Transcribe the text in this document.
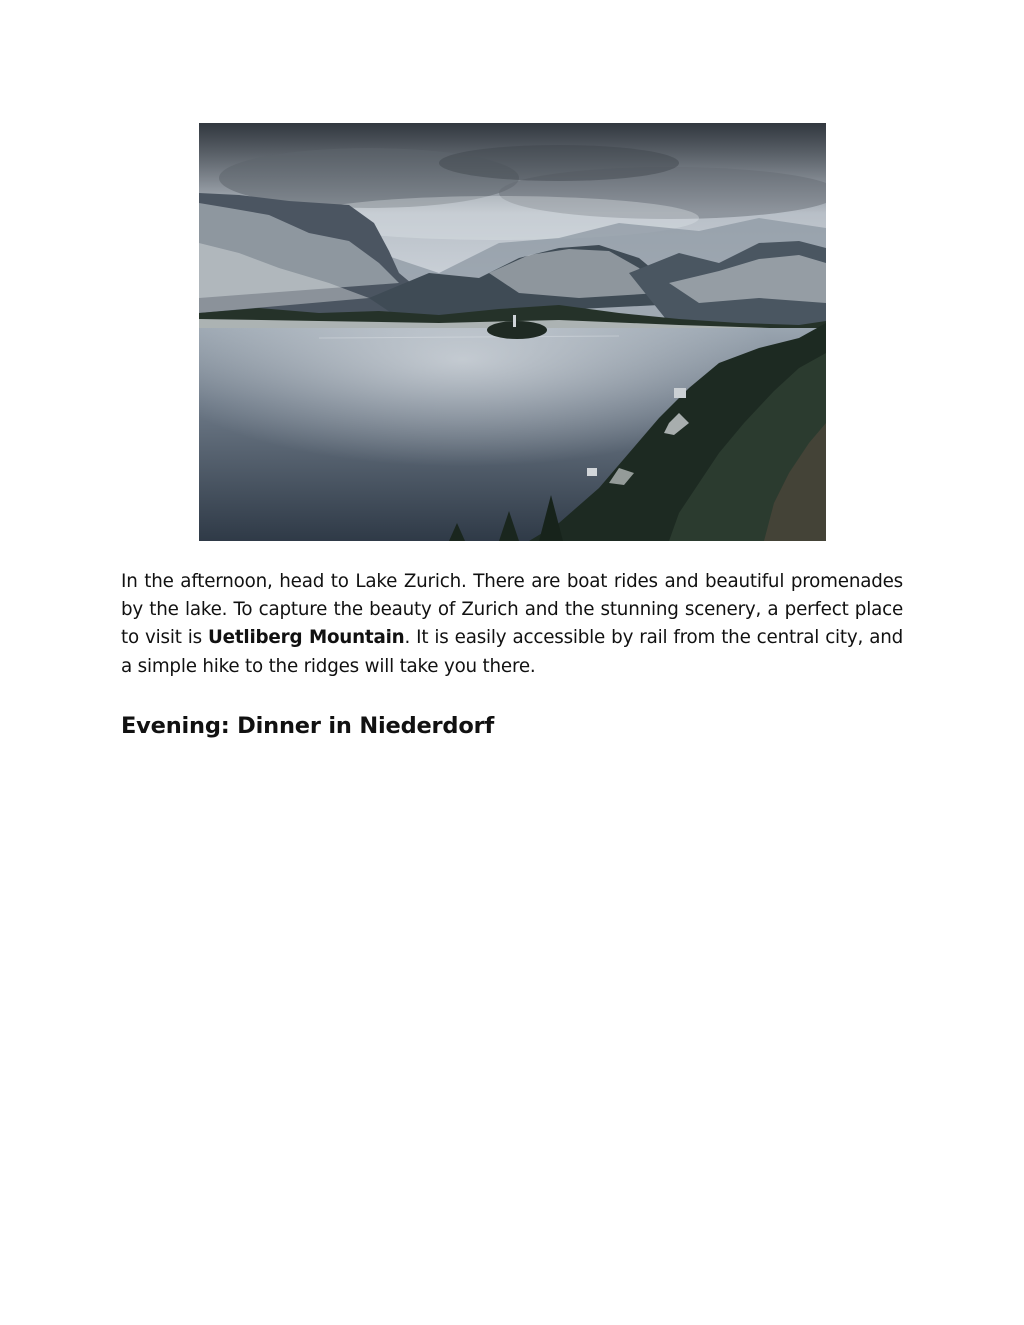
In the afternoon, head to Lake Zurich. There are boat rides and beautiful promenades by the lake. To capture the beauty of Zurich and the stunning scenery, a perfect place to visit is Uetliberg Mountain. It is easily accessible by rail from the central city, and a simple hike to the ridges will take you there.

Evening: Dinner in Niederdorf
